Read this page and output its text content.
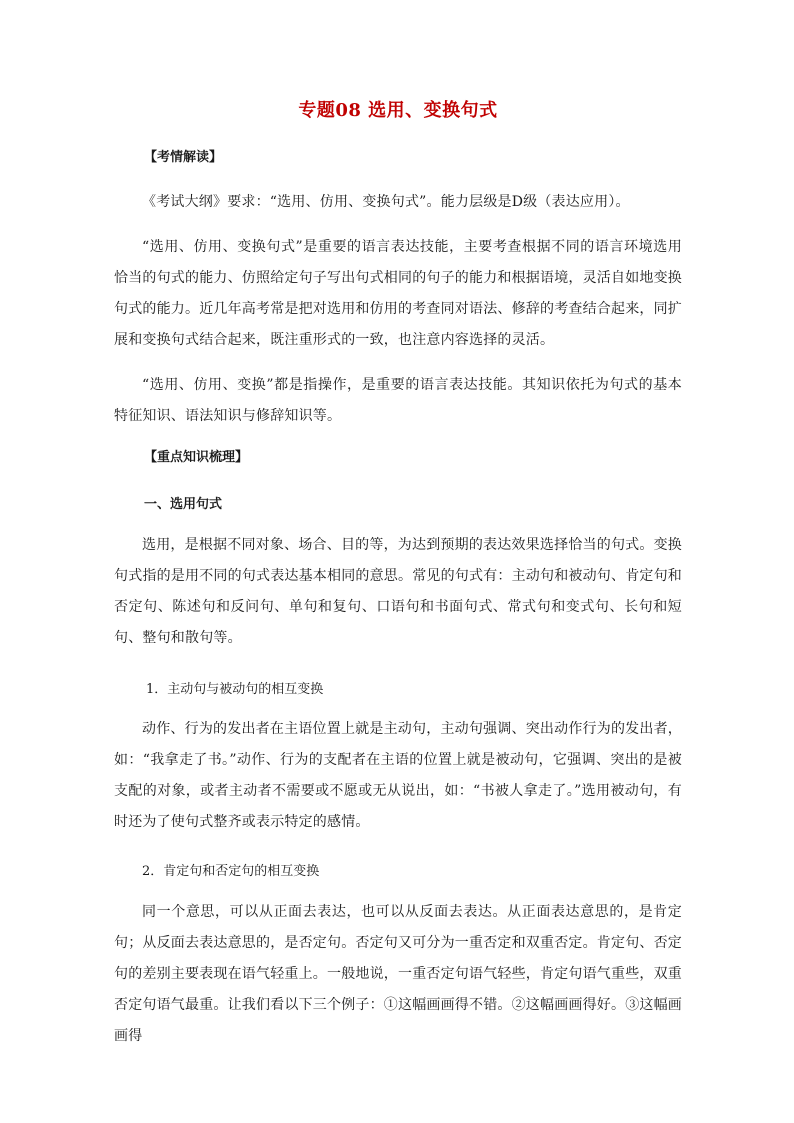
专题08 选用、变换句式
【考情解读】
《考试大纲》要求：“选用、仿用、变换句式”。能力层级是D级（表达应用）。
“选用、仿用、变换句式”是重要的语言表达技能，主要考查根据不同的语言环境选用恰当的句式的能力、仿照给定句子写出句式相同的句子的能力和根据语境，灵活自如地变换句式的能力。近几年高考常是把对选用和仿用的考查同对语法、修辞的考查结合起来，同扩展和变换句式结合起来，既注重形式的一致，也注意内容选择的灵活。
“选用、仿用、变换”都是指操作，是重要的语言表达技能。其知识依托为句式的基本特征知识、语法知识与修辞知识等。
【重点知识梳理】
一、选用句式
选用，是根据不同对象、场合、目的等，为达到预期的表达效果选择恰当的句式。变换句式指的是用不同的句式表达基本相同的意思。常见的句式有：主动句和被动句、肯定句和否定句、陈述句和反问句、单句和复句、口语句和书面句式、常式句和变式句、长句和短句、整句和散句等。
1．主动句与被动句的相互变换
动作、行为的发出者在主语位置上就是主动句，主动句强调、突出动作行为的发出者，如：“我拿走了书。”动作、行为的支配者在主语的位置上就是被动句，它强调、突出的是被支配的对象，或者主动者不需要或不愿或无从说出，如：“书被人拿走了。”选用被动句，有时还为了使句式整齐或表示特定的感情。
2．肯定句和否定句的相互变换
同一个意思，可以从正面去表达，也可以从反面去表达。从正面表达意思的，是肯定句；从反面去表达意思的，是否定句。否定句又可分为一重否定和双重否定。肯定句、否定句的差别主要表现在语气轻重上。一般地说，一重否定句语气轻些，肯定句语气重些，双重否定句语气最重。让我们看以下三个例子：①这幅画画得不错。②这幅画画得好。③这幅画画得
